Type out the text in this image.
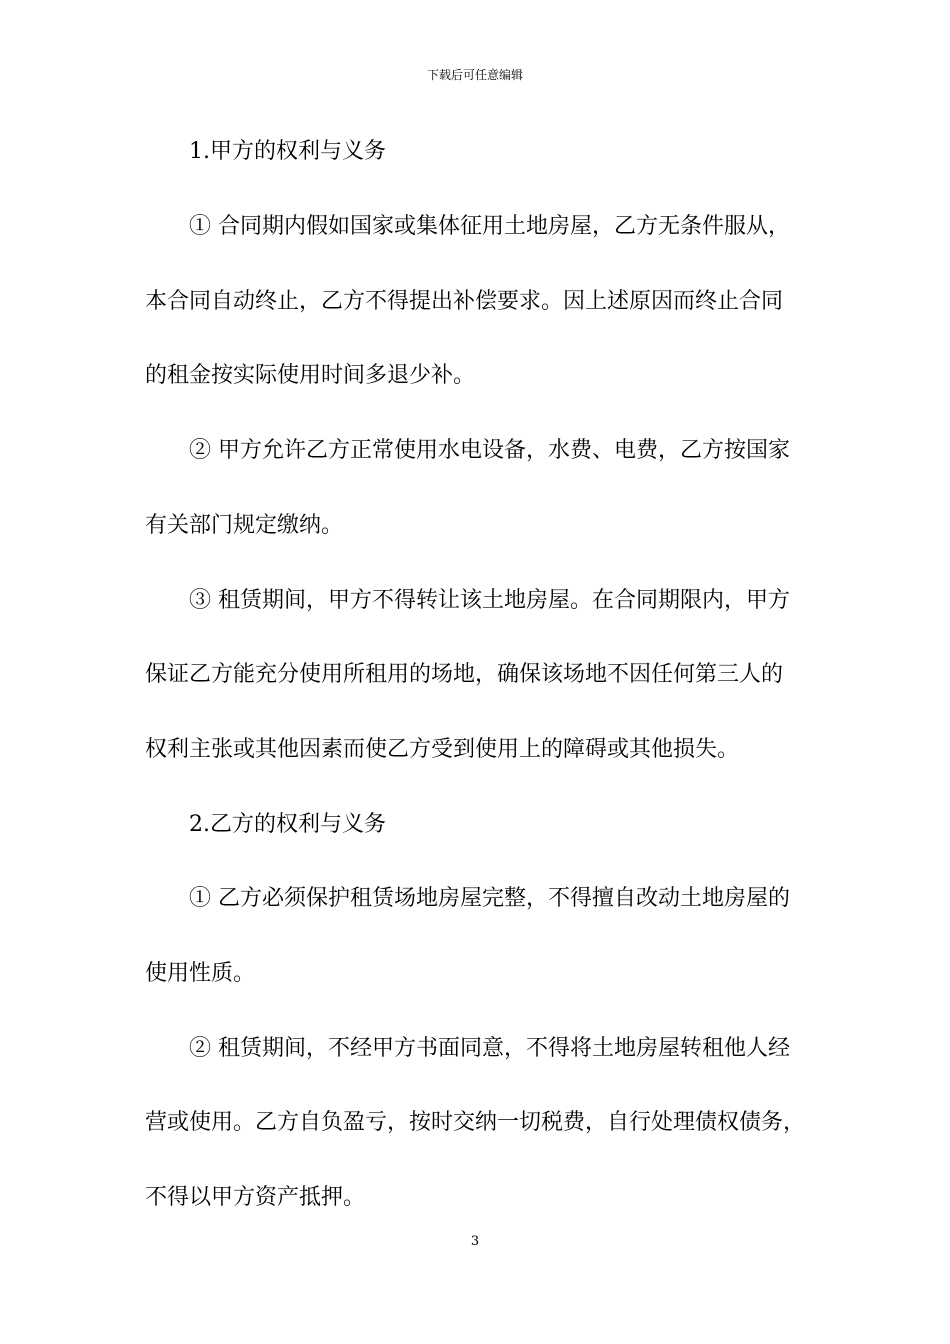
下载后可任意编辑
1.甲方的权利与义务
① 合同期内假如国家或集体征用土地房屋，乙方无条件服从，
本合同自动终止，乙方不得提出补偿要求。因上述原因而终止合同
的租金按实际使用时间多退少补。
② 甲方允许乙方正常使用水电设备，水费、电费，乙方按国家
有关部门规定缴纳。
③ 租赁期间，甲方不得转让该土地房屋。在合同期限内，甲方
保证乙方能充分使用所租用的场地，确保该场地不因任何第三人的
权利主张或其他因素而使乙方受到使用上的障碍或其他损失。
2.乙方的权利与义务
① 乙方必须保护租赁场地房屋完整，不得擅自改动土地房屋的
使用性质。
② 租赁期间，不经甲方书面同意，不得将土地房屋转租他人经
营或使用。乙方自负盈亏，按时交纳一切税费，自行处理债权债务，
不得以甲方资产抵押。
3
